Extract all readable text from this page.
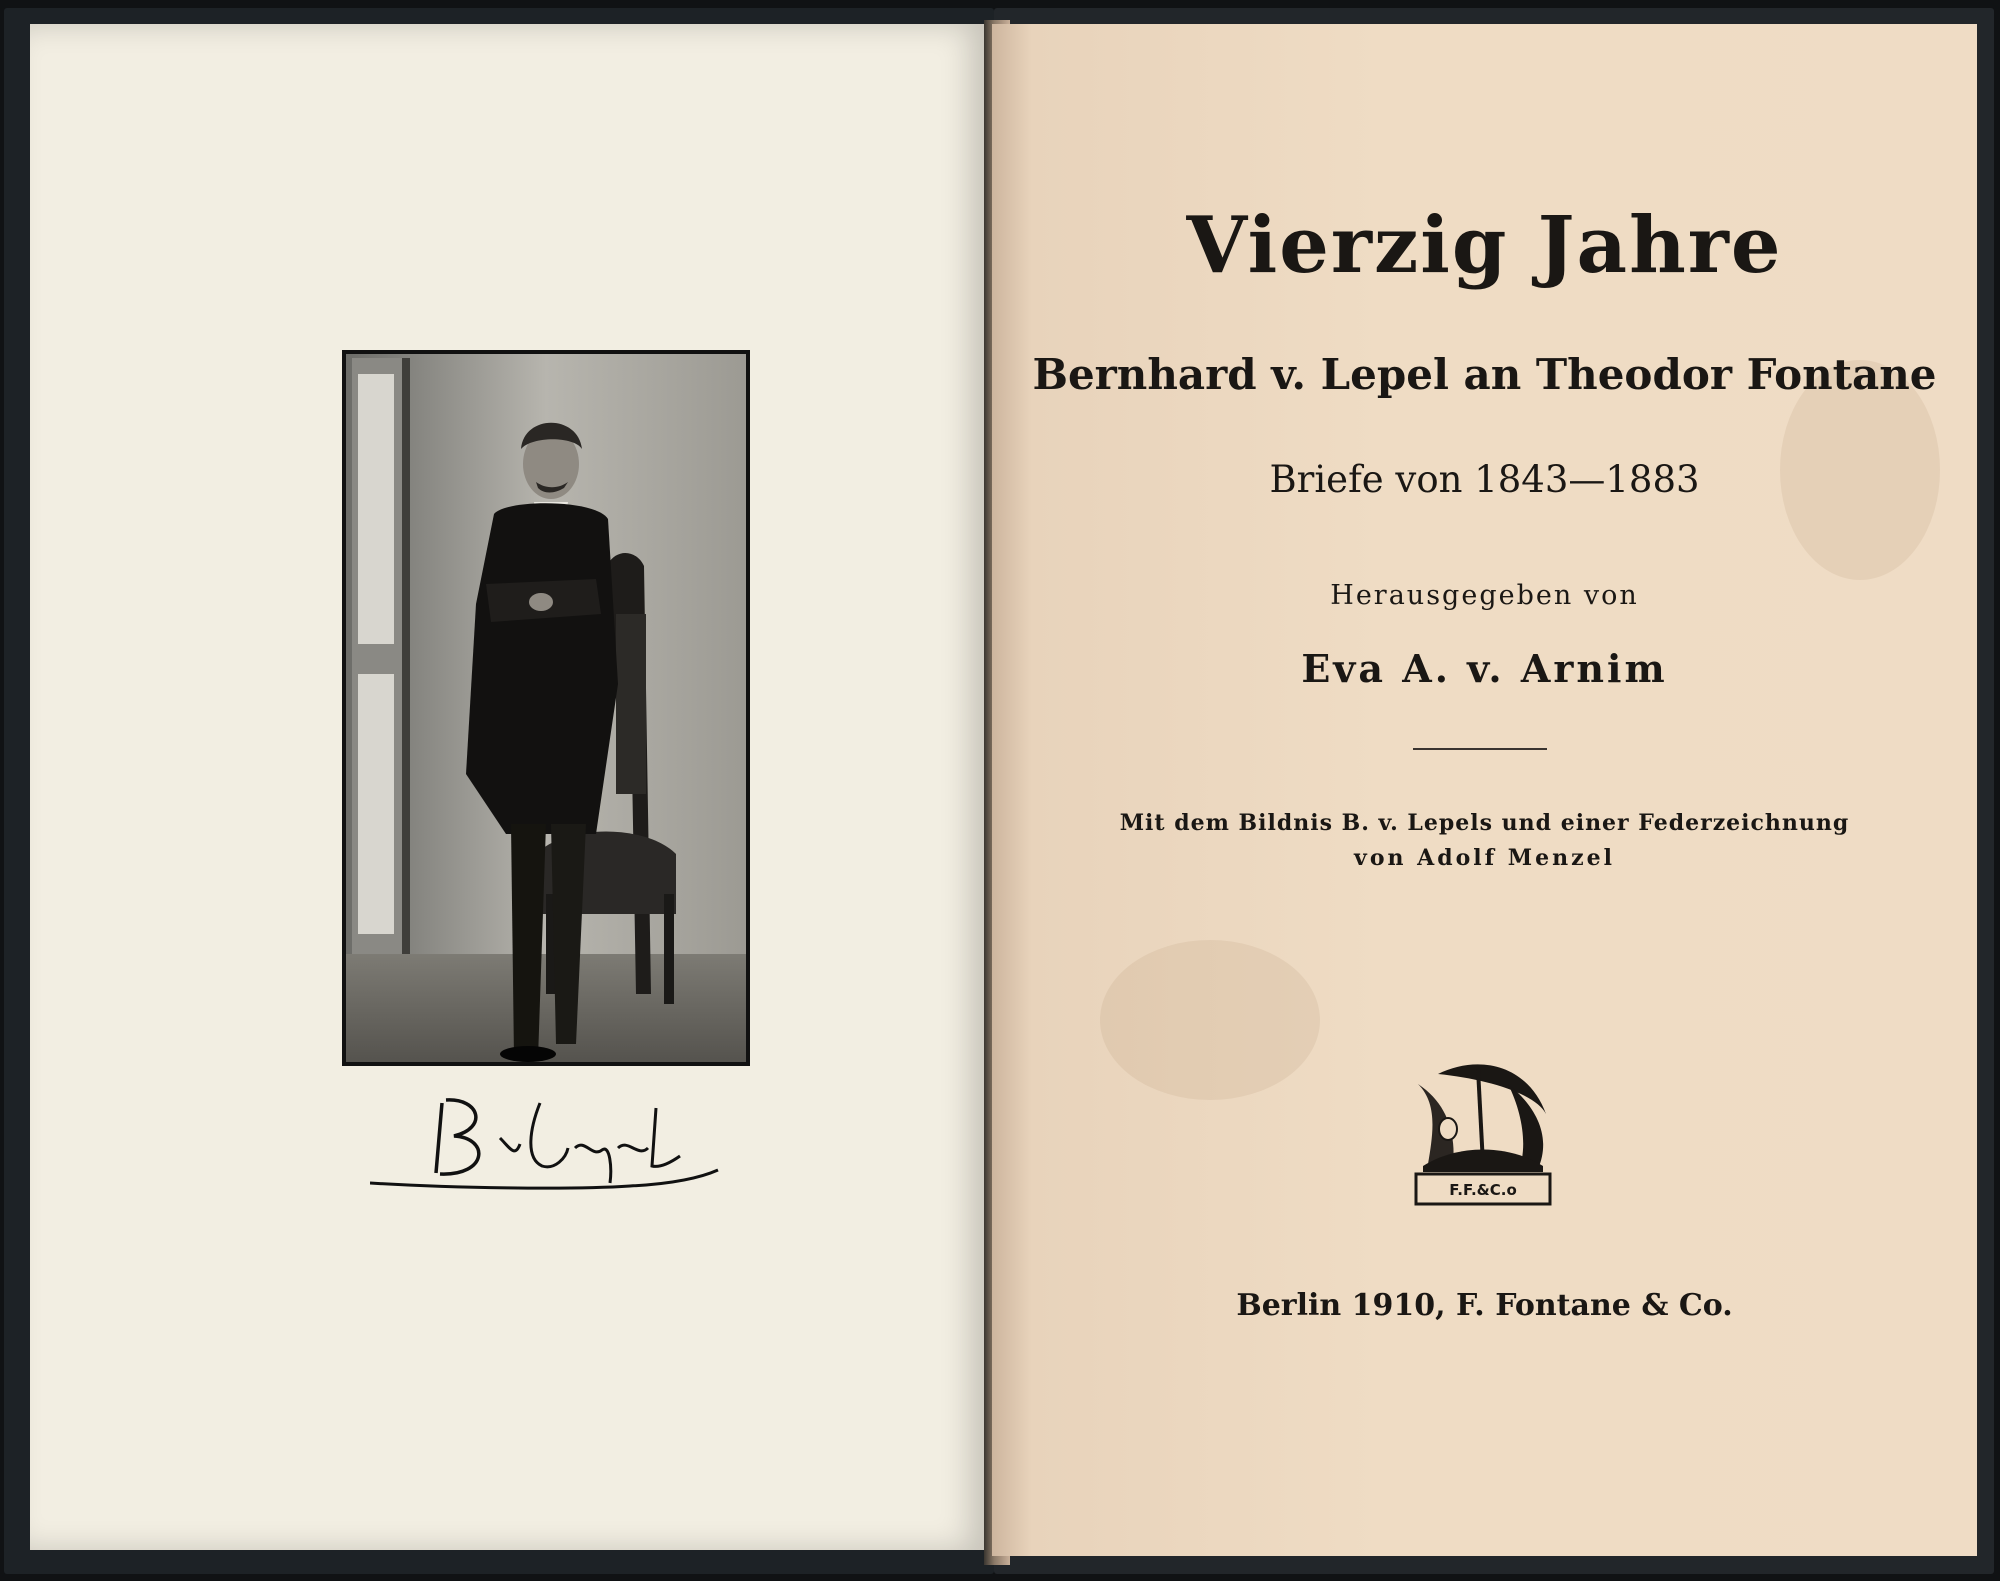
Vierzig Jahre
Bernhard v. Lepel an Theodor Fontane
Briefe von 1843—1883
Herausgegeben von
Eva A. v. Arnim
Mit dem Bildnis B. v. Lepels und einer Federzeichnung
von Adolf Menzel
F.F.&C.o
Berlin 1910, F. Fontane & Co.
